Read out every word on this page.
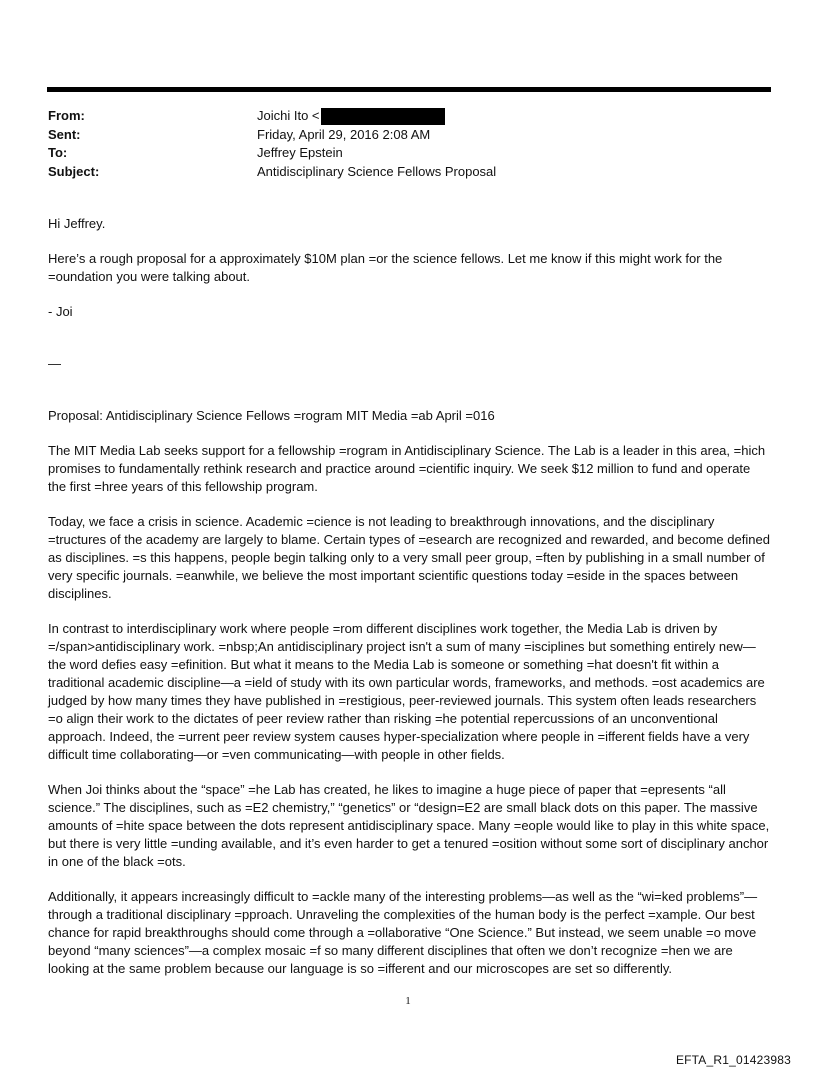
From:	Joichi Ito <
Sent:	Friday, April 29, 2016 2:08 AM
To:	Jeffrey Epstein
Subject:	Antidisciplinary Science Fellows Proposal

Hi Jeffrey.

Here’s a rough proposal for a approximately $10M plan =or the science fellows. Let me know if this might work for the =oundation you were talking about.

- Joi

—

Proposal: Antidisciplinary Science Fellows =rogram MIT Media =ab April =016

The MIT Media Lab seeks support for a fellowship =rogram in Antidisciplinary Science. The Lab is a leader in this area, =hich promises to fundamentally rethink research and practice around =cientific inquiry. We seek $12 million to fund and operate the first =hree years of this fellowship program.

Today, we face a crisis in science. Academic =cience is not leading to breakthrough innovations, and the disciplinary =tructures of the academy are largely to blame. Certain types of =esearch are recognized and rewarded, and become defined as disciplines. =s this happens, people begin talking only to a very small peer group, =ften by publishing in a small number of very specific journals. =eanwhile, we believe the most important scientific questions today =eside in the spaces between disciplines.

In contrast to interdisciplinary work where people =rom different disciplines work together, the Media Lab is driven by =/span>antidisciplinary work. =nbsp;An antidisciplinary project isn't a sum of many =isciplines but something entirely new—the word defies easy =efinition. But what it means to the Media Lab is someone or something =hat doesn't fit within a traditional academic discipline—a =ield of study with its own particular words, frameworks, and methods. =ost academics are judged by how many times they have published in =restigious, peer-reviewed journals. This system often leads researchers =o align their work to the dictates of peer review rather than risking =he potential repercussions of an unconventional approach. Indeed, the =urrent peer review system causes hyper-specialization where people in =ifferent fields have a very difficult time collaborating—or =ven communicating—with people in other fields.

When Joi thinks about the “space” =he Lab has created, he likes to imagine a huge piece of paper that =epresents “all science.” The disciplines, such as =E2 chemistry,” “genetics” or “design=E2 are small black dots on this paper. The massive amounts of =hite space between the dots represent antidisciplinary space. Many =eople would like to play in this white space, but there is very little =unding available, and it’s even harder to get a tenured =osition without some sort of disciplinary anchor in one of the black =ots.

Additionally, it appears increasingly difficult to =ackle many of the interesting problems—as well as the “wi=ked problems”—through a traditional disciplinary =pproach. Unraveling the complexities of the human body is the perfect =xample. Our best chance for rapid breakthroughs should come through a =ollaborative “One Science.” But instead, we seem unable =o move beyond “many sciences”—a complex mosaic =f so many different disciplines that often we don’t recognize =hen we are looking at the same problem because our language is so =ifferent and our microscopes are set so differently.

1
EFTA_R1_01423983
